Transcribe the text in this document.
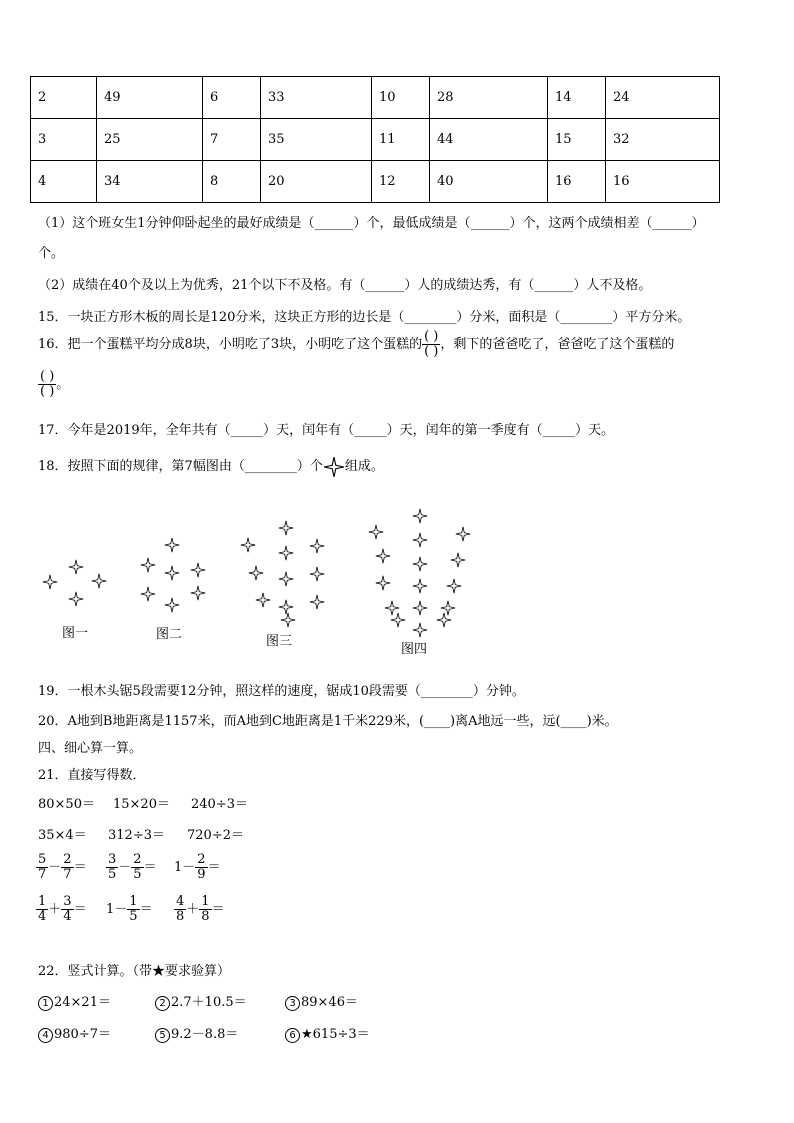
2	49	6	33	10	28	14	24
3	25	7	35	11	44	15	32
4	34	8	20	12	40	16	16
（1）这个班女生1分钟仰卧起坐的最好成绩是（______）个，最低成绩是（______）个，这两个成绩相差（______）
个。
（2）成绩在40个及以上为优秀，21个以下不及格。有（______）人的成绩达秀，有（______）人不及格。
15．一块正方形木板的周长是120分米，这块正方形的边长是（________）分米，面积是（________）平方分米。
16．把一个蛋糕平均分成8块，小明吃了3块，小明吃了这个蛋糕的 $\frac{( )}{( )}$ ，剩下的爸爸吃了，爸爸吃了这个蛋糕的
$\frac{( )}{( )}$ 。
17．今年是2019年，全年共有（_____）天，闰年有（_____）天，闰年的第一季度有（_____）天。
18．按照下面的规律，第7幅图由（________）个 组成。
图一	图二	图三
图四
19．一根木头锯5段需要12分钟，照这样的速度，锯成10段需要（________）分钟。
20．A地到B地距离是1157米，而A地到C地距离是1千米229米，(____)离A地远一些，远(____)米。
四、细心算一算。
21．直接写得数．
80×50＝ 15×20＝ 240÷3＝
35×4＝ 312÷3＝ 720÷2＝
$\frac{5}{7} - \frac{2}{7} = \frac{3}{5} - \frac{2}{5} = 1- \frac{2}{9}$ ＝
$\frac{1}{4} + \frac{3}{4} = 1- \frac{1}{5} = \frac{4}{8} + \frac{1}{8}$ ＝
22．竖式计算。（带★要求验算）
1 24×21＝	2 2.7＋10.5＝	3 89×46＝
4 980÷7＝	5 9.2－8.8＝	6 ★615÷3＝
